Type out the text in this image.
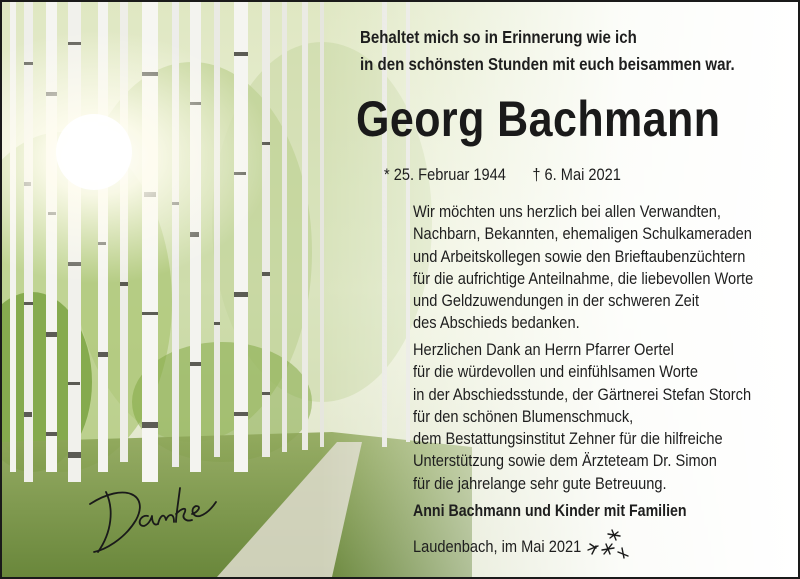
Behaltet mich so in Erinnerung wie ich
in den schönsten Stunden mit euch beisammen war.
Georg Bachmann
* 25. Februar 1944 † 6. Mai 2021
Wir möchten uns herzlich bei allen Verwandten,
Nachbarn, Bekannten, ehemaligen Schulkameraden
und Arbeitskollegen sowie den Brieftaubenzüchtern
für die aufrichtige Anteilnahme, die liebevollen Worte
und Geldzuwendungen in der schweren Zeit
des Abschieds bedanken.
Herzlichen Dank an Herrn Pfarrer Oertel
für die würdevollen und einfühlsamen Worte
in der Abschiedsstunde, der Gärtnerei Stefan Storch
für den schönen Blumenschmuck,
dem Bestattungsinstitut Zehner für die hilfreiche
Unterstützung sowie dem Ärzteteam Dr. Simon
für die jahrelange sehr gute Betreuung.
Anni Bachmann und Kinder mit Familien
Laudenbach, im Mai 2021
